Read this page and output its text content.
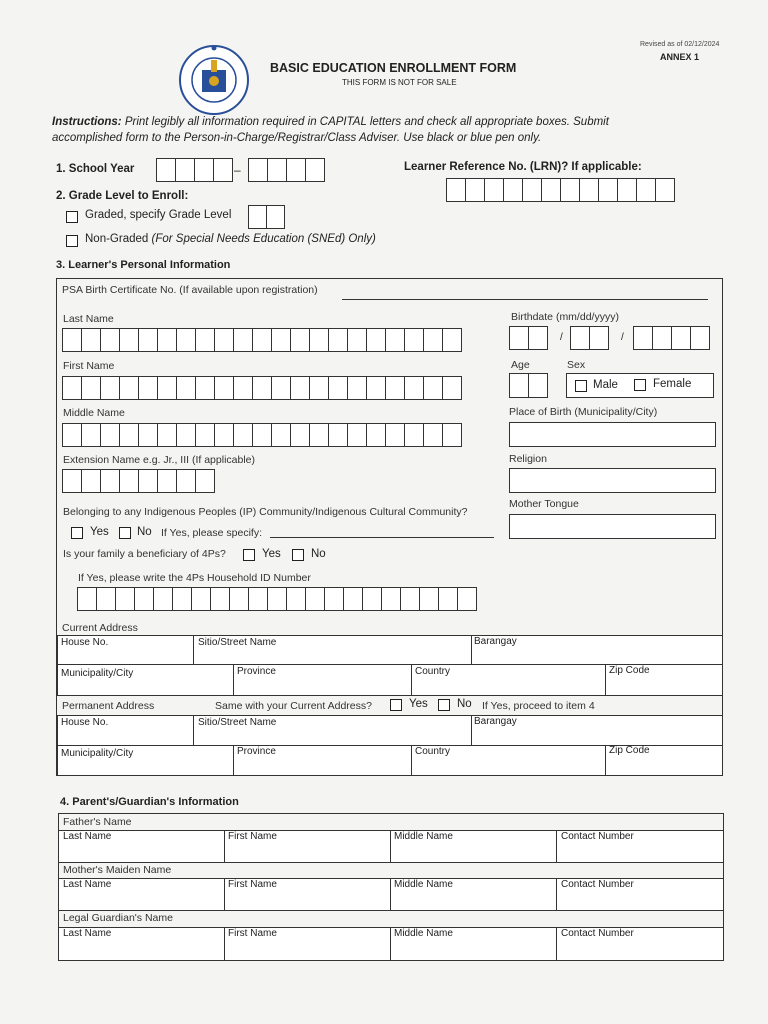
Revised as of 02/12/2024
ANNEX 1
BASIC EDUCATION ENROLLMENT FORM
THIS FORM IS NOT FOR SALE
Instructions: Print legibly all information required in CAPITAL letters and check all appropriate boxes. Submit
accomplished form to the Person-in-Charge/Registrar/Class Adviser. Use black or blue pen only.
1. School Year	–	Learner Reference No. (LRN)? If applicable:
2. Grade Level to Enroll:
Graded, specify Grade Level
Non-Graded (For Special Needs Education (SNEd) Only)
3. Learner's Personal Information
PSA Birth Certificate No. (If available upon registration)
Last Name	Birthdate (mm/dd/yyyy)
/	/
First Name	Age	Sex
Male	Female
Middle Name	Place of Birth (Municipality/City)
Extension Name e.g. Jr., III (If applicable)	Religion
Mother Tongue
Belonging to any Indigenous Peoples (IP) Community/Indigenous Cultural Community?
Yes No If Yes, please specify:
Is your family a beneficiary of 4Ps?	Yes	No
If Yes, please write the 4Ps Household ID Number
Current Address
House No.	Sitio/Street Name	Barangay
Municipality/City	Province	Country	Zip Code
Permanent Address	Same with your Current Address?	Yes	No If Yes, proceed to item 4
House No.	Sitio/Street Name	Barangay
Municipality/City	Province	Country	Zip Code
4. Parent's/Guardian's Information
Father's Name
Last Name	First Name	Middle Name	Contact Number
Mother's Maiden Name
Last Name	First Name	Middle Name	Contact Number
Legal Guardian's Name
Last Name	First Name	Middle Name	Contact Number
